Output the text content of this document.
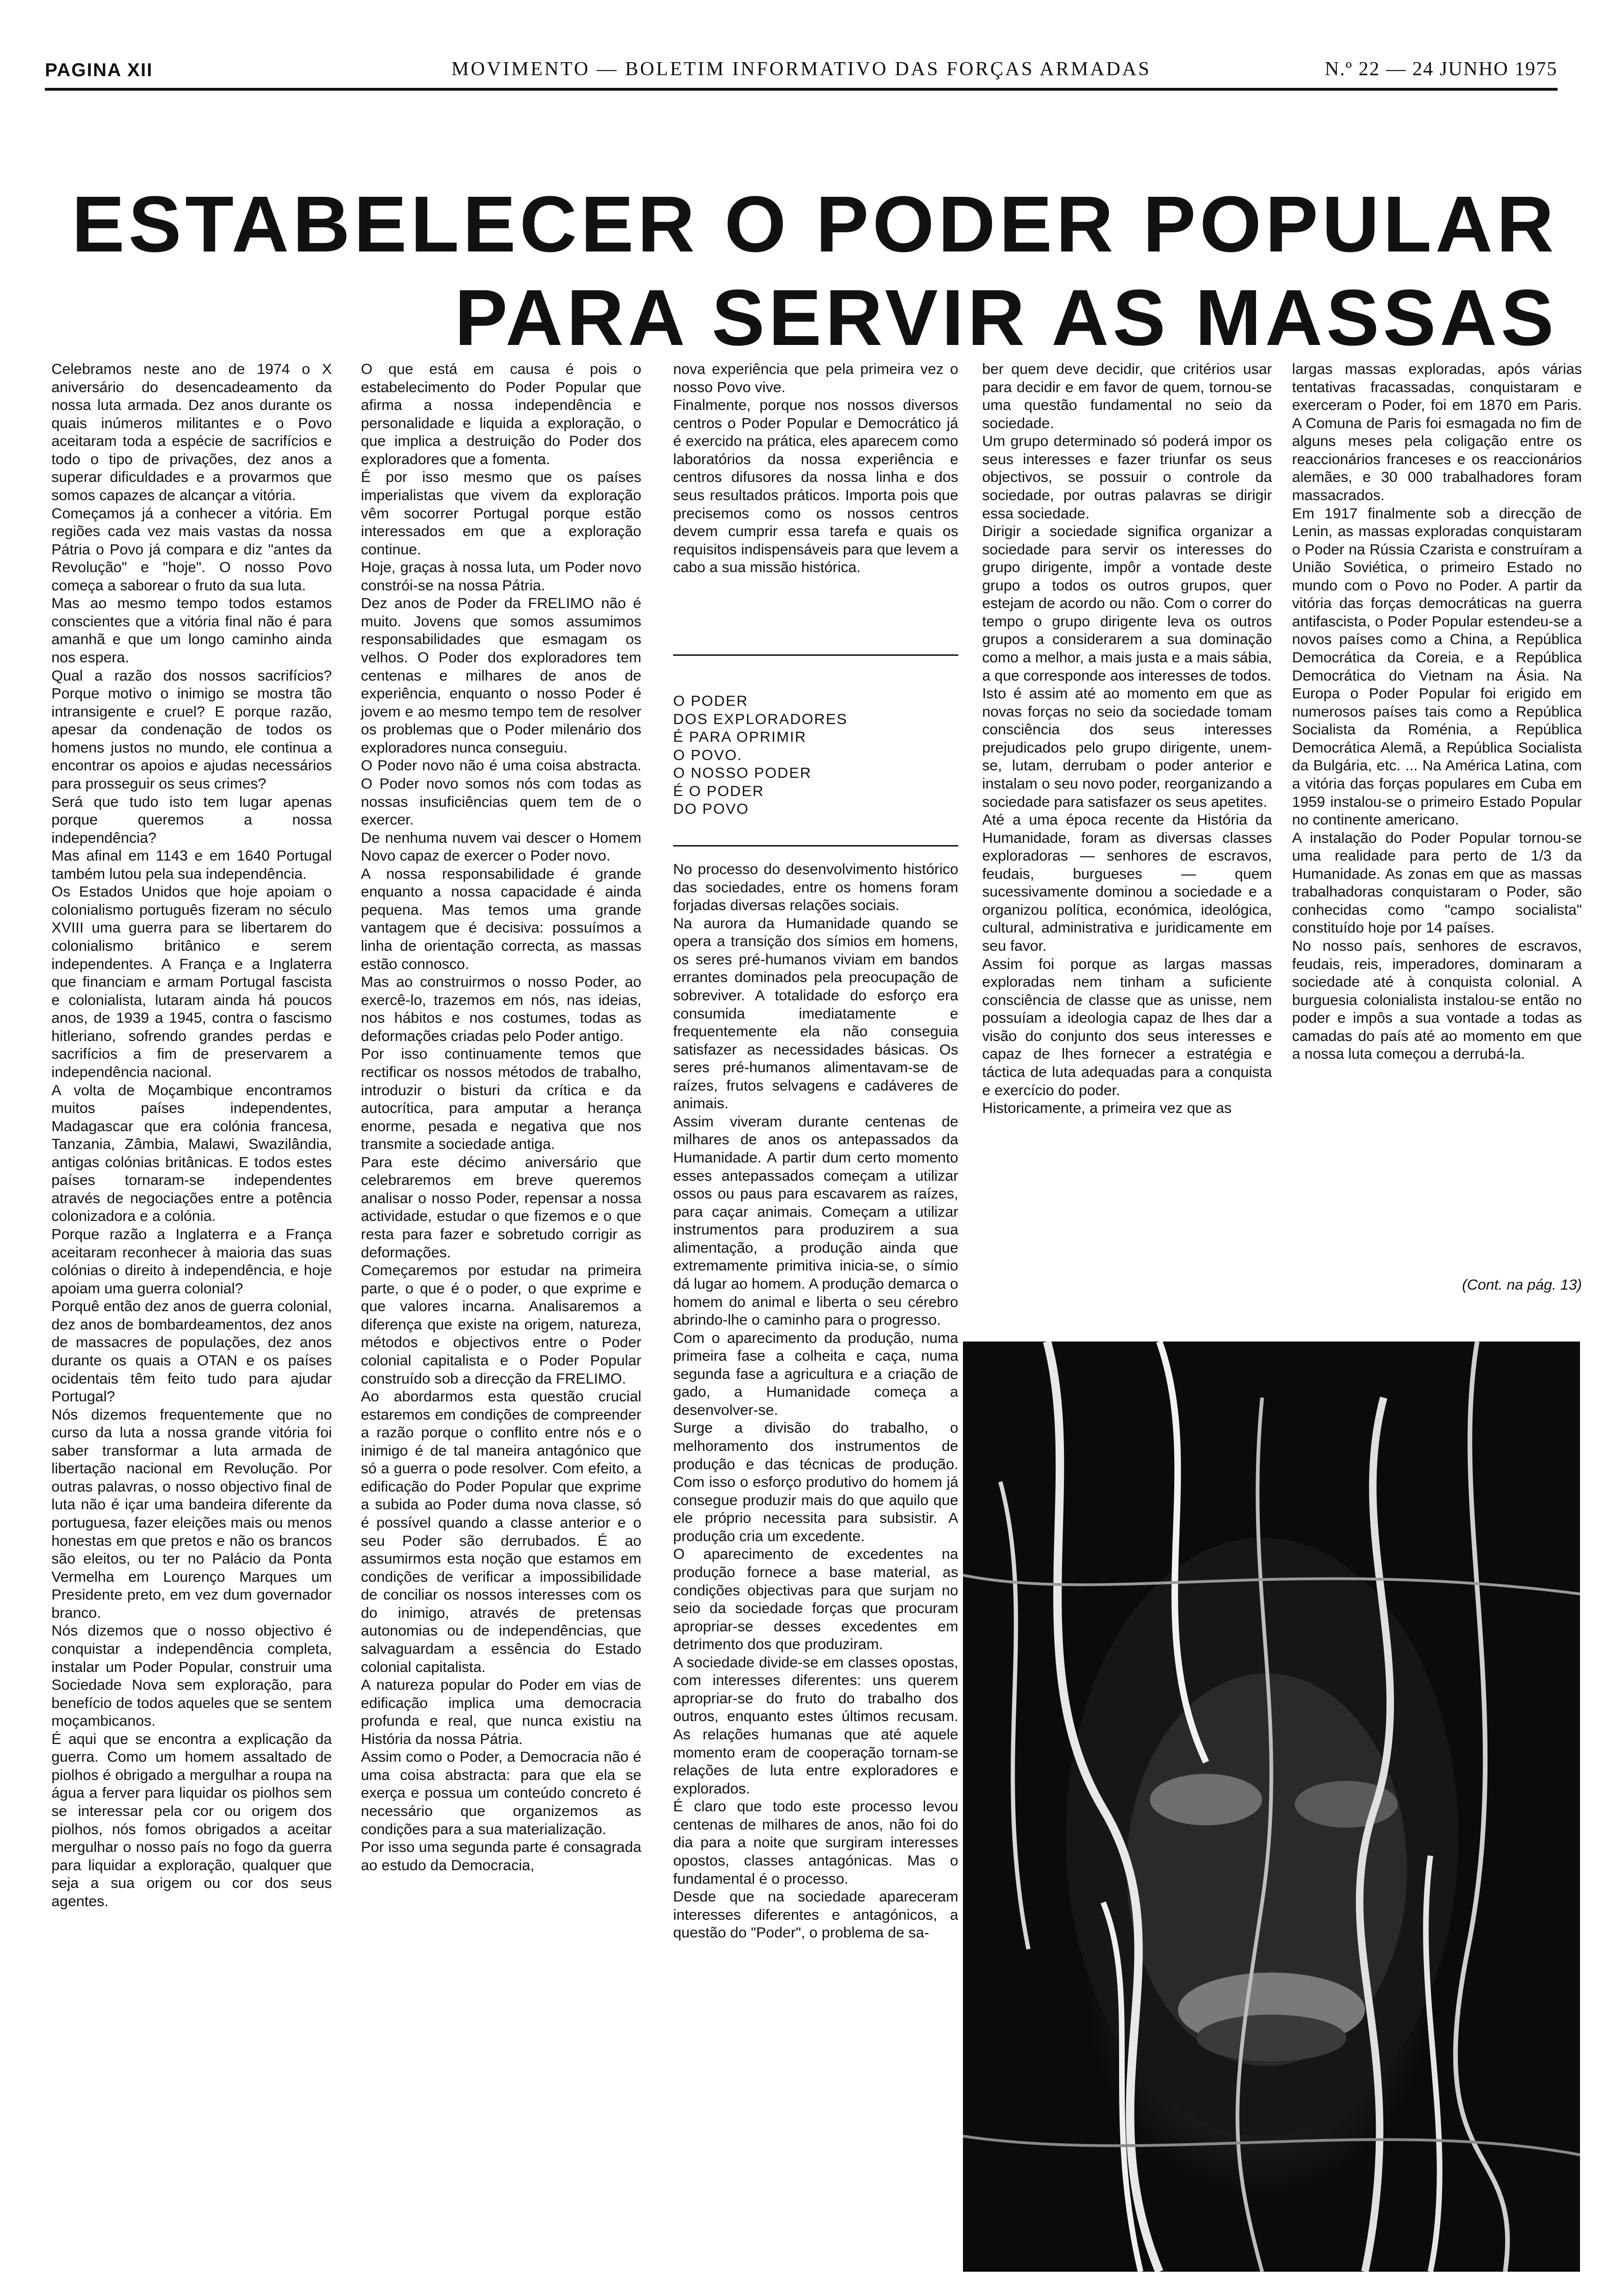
PAGINA XII	MOVIMENTO — BOLETIM INFORMATIVO DAS FORÇAS ARMADAS	N.º 22 — 24 JUNHO 1975
ESTABELECER O PODER POPULAR
PARA SERVIR AS MASSAS

Celebramos neste ano de 1974 o X aniversário do desencadeamento da nossa luta armada. Dez anos durante os quais inúmeros militantes e o Povo aceitaram toda a espécie de sacrifícios e todo o tipo de privações, dez anos a superar dificuldades e a provarmos que somos capazes de alcançar a vitória.

Começamos já a conhecer a vitória. Em regiões cada vez mais vastas da nossa Pátria o Povo já compara e diz "antes da Revolução" e "hoje". O nosso Povo começa a saborear o fruto da sua luta.

Mas ao mesmo tempo todos estamos conscientes que a vitória final não é para amanhã e que um longo caminho ainda nos espera.

Qual a razão dos nossos sacrifícios? Porque motivo o inimigo se mostra tão intransigente e cruel? E porque razão, apesar da condenação de todos os homens justos no mundo, ele continua a encontrar os apoios e ajudas necessários para prosseguir os seus crimes?

Será que tudo isto tem lugar apenas porque queremos a nossa independência?

Mas afinal em 1143 e em 1640 Portugal também lutou pela sua independência.

Os Estados Unidos que hoje apoiam o colonialismo português fizeram no século XVIII uma guerra para se libertarem do colonialismo britânico e serem independentes. A França e a Inglaterra que financiam e armam Portugal fascista e colonialista, lutaram ainda há poucos anos, de 1939 a 1945, contra o fascismo hitleriano, sofrendo grandes perdas e sacrifícios a fim de preservarem a independência nacional.

A volta de Moçambique encontramos muitos países independentes, Madagascar que era colónia francesa, Tanzania, Zâmbia, Malawi, Swazilândia, antigas colónias britânicas. E todos estes países tornaram-se independentes através de negociações entre a potência colonizadora e a colónia.

Porque razão a Inglaterra e a França aceitaram reconhecer à maioria das suas colónias o direito à independência, e hoje apoiam uma guerra colonial?

Porquê então dez anos de guerra colonial, dez anos de bombardeamentos, dez anos de massacres de populações, dez anos durante os quais a OTAN e os países ocidentais têm feito tudo para ajudar Portugal?

Nós dizemos frequentemente que no curso da luta a nossa grande vitória foi saber transformar a luta armada de libertação nacional em Revolução. Por outras palavras, o nosso objectivo final de luta não é içar uma bandeira diferente da portuguesa, fazer eleições mais ou menos honestas em que pretos e não os brancos são eleitos, ou ter no Palácio da Ponta Vermelha em Lourenço Marques um Presidente preto, em vez dum governador branco.

Nós dizemos que o nosso objectivo é conquistar a independência completa, instalar um Poder Popular, construir uma Sociedade Nova sem exploração, para benefício de todos aqueles que se sentem moçambicanos.

É aqui que se encontra a explicação da guerra. Como um homem assaltado de piolhos é obrigado a mergulhar a roupa na água a ferver para liquidar os piolhos sem se interessar pela cor ou origem dos piolhos, nós fomos obrigados a aceitar mergulhar o nosso país no fogo da guerra para liquidar a exploração, qualquer que seja a sua origem ou cor dos seus agentes.

O que está em causa é pois o estabelecimento do Poder Popular que afirma a nossa independência e personalidade e liquida a exploração, o que implica a destruição do Poder dos exploradores que a fomenta.

É por isso mesmo que os países imperialistas que vivem da exploração vêm socorrer Portugal porque estão interessados em que a exploração continue.

Hoje, graças à nossa luta, um Poder novo constrói-se na nossa Pátria.

Dez anos de Poder da FRELIMO não é muito. Jovens que somos assumimos responsabilidades que esmagam os velhos. O Poder dos exploradores tem centenas e milhares de anos de experiência, enquanto o nosso Poder é jovem e ao mesmo tempo tem de resolver os problemas que o Poder milenário dos exploradores nunca conseguiu.

O Poder novo não é uma coisa abstracta. O Poder novo somos nós com todas as nossas insuficiências quem tem de o exercer.

De nenhuma nuvem vai descer o Homem Novo capaz de exercer o Poder novo.

A nossa responsabilidade é grande enquanto a nossa capacidade é ainda pequena. Mas temos uma grande vantagem que é decisiva: possuímos a linha de orientação correcta, as massas estão connosco.

Mas ao construirmos o nosso Poder, ao exercê-lo, trazemos em nós, nas ideias, nos hábitos e nos costumes, todas as deformações criadas pelo Poder antigo.

Por isso continuamente temos que rectificar os nossos métodos de trabalho, introduzir o bisturi da crítica e da autocrítica, para amputar a herança enorme, pesada e negativa que nos transmite a sociedade antiga.

Para este décimo aniversário que celebraremos em breve queremos analisar o nosso Poder, repensar a nossa actividade, estudar o que fizemos e o que resta para fazer e sobretudo corrigir as deformações.

Começaremos por estudar na primeira parte, o que é o poder, o que exprime e que valores incarna. Analisaremos a diferença que existe na origem, natureza, métodos e objectivos entre o Poder colonial capitalista e o Poder Popular construído sob a direcção da FRELIMO.

Ao abordarmos esta questão crucial estaremos em condições de compreender a razão porque o conflito entre nós e o inimigo é de tal maneira antagónico que só a guerra o pode resolver. Com efeito, a edificação do Poder Popular que exprime a subida ao Poder duma nova classe, só é possível quando a classe anterior e o seu Poder são derrubados. É ao assumirmos esta noção que estamos em condições de verificar a impossibilidade de conciliar os nossos interesses com os do inimigo, através de pretensas autonomias ou de independências, que salvaguardam a essência do Estado colonial capitalista.

A natureza popular do Poder em vias de edificação implica uma democracia profunda e real, que nunca existiu na História da nossa Pátria.

Assim como o Poder, a Democracia não é uma coisa abstracta: para que ela se exerça e possua um conteúdo concreto é necessário que organizemos as condições para a sua materialização.

Por isso uma segunda parte é consagrada ao estudo da Democracia,

nova experiência que pela primeira vez o nosso Povo vive.

Finalmente, porque nos nossos diversos centros o Poder Popular e Democrático já é exercido na prática, eles aparecem como laboratórios da nossa experiência e centros difusores da nossa linha e dos seus resultados práticos. Importa pois que precisemos como os nossos centros devem cumprir essa tarefa e quais os requisitos indispensáveis para que levem a cabo a sua missão histórica.

O PODER
DOS EXPLORADORES
É PARA OPRIMIR
O POVO.
O NOSSO PODER
É O PODER
DO POVO

No processo do desenvolvimento histórico das sociedades, entre os homens foram forjadas diversas relações sociais.

Na aurora da Humanidade quando se opera a transição dos símios em homens, os seres pré-humanos viviam em bandos errantes dominados pela preocupação de sobreviver. A totalidade do esforço era consumida imediatamente e frequentemente ela não conseguia satisfazer as necessidades básicas. Os seres pré-humanos alimentavam-se de raízes, frutos selvagens e cadáveres de animais.

Assim viveram durante centenas de milhares de anos os antepassados da Humanidade. A partir dum certo momento esses antepassados começam a utilizar ossos ou paus para escavarem as raízes, para caçar animais. Começam a utilizar instrumentos para produzirem a sua alimentação, a produção ainda que extremamente primitiva inicia-se, o símio dá lugar ao homem. A produção demarca o homem do animal e liberta o seu cérebro abrindo-lhe o caminho para o progresso.

Com o aparecimento da produção, numa primeira fase a colheita e caça, numa segunda fase a agricultura e a criação de gado, a Humanidade começa a desenvolver-se.

Surge a divisão do trabalho, o melhoramento dos instrumentos de produção e das técnicas de produção. Com isso o esforço produtivo do homem já consegue produzir mais do que aquilo que ele próprio necessita para subsistir. A produção cria um excedente.

O aparecimento de excedentes na produção fornece a base material, as condições objectivas para que surjam no seio da sociedade forças que procuram apropriar-se desses excedentes em detrimento dos que produziram.

A sociedade divide-se em classes opostas, com interesses diferentes: uns querem apropriar-se do fruto do trabalho dos outros, enquanto estes últimos recusam. As relações humanas que até aquele momento eram de cooperação tornam-se relações de luta entre exploradores e explorados.

É claro que todo este processo levou centenas de milhares de anos, não foi do dia para a noite que surgiram interesses opostos, classes antagónicas. Mas o fundamental é o processo.

Desde que na sociedade apareceram interesses diferentes e antagónicos, a questão do "Poder", o problema de sa-

ber quem deve decidir, que critérios usar para decidir e em favor de quem, tornou-se uma questão fundamental no seio da sociedade.

Um grupo determinado só poderá impor os seus interesses e fazer triunfar os seus objectivos, se possuir o controle da sociedade, por outras palavras se dirigir essa sociedade.

Dirigir a sociedade significa organizar a sociedade para servir os interesses do grupo dirigente, impôr a vontade deste grupo a todos os outros grupos, quer estejam de acordo ou não. Com o correr do tempo o grupo dirigente leva os outros grupos a considerarem a sua dominação como a melhor, a mais justa e a mais sábia, a que corresponde aos interesses de todos.

Isto é assim até ao momento em que as novas forças no seio da sociedade tomam consciência dos seus interesses prejudicados pelo grupo dirigente, unem-se, lutam, derrubam o poder anterior e instalam o seu novo poder, reorganizando a sociedade para satisfazer os seus apetites.

Até a uma época recente da História da Humanidade, foram as diversas classes exploradoras — senhores de escravos, feudais, burgueses — quem sucessivamente dominou a sociedade e a organizou política, económica, ideológica, cultural, administrativa e juridicamente em seu favor.

Assim foi porque as largas massas exploradas nem tinham a suficiente consciência de classe que as unisse, nem possuíam a ideologia capaz de lhes dar a visão do conjunto dos seus interesses e capaz de lhes fornecer a estratégia e táctica de luta adequadas para a conquista e exercício do poder.

Historicamente, a primeira vez que as

largas massas exploradas, após várias tentativas fracassadas, conquistaram e exerceram o Poder, foi em 1870 em Paris. A Comuna de Paris foi esmagada no fim de alguns meses pela coligação entre os reaccionários franceses e os reaccionários alemães, e 30 000 trabalhadores foram massacrados.

Em 1917 finalmente sob a direcção de Lenin, as massas exploradas conquistaram o Poder na Rússia Czarista e construíram a União Soviética, o primeiro Estado no mundo com o Povo no Poder. A partir da vitória das forças democráticas na guerra antifascista, o Poder Popular estendeu-se a novos países como a China, a República Democrática da Coreia, e a República Democrática do Vietnam na Ásia. Na Europa o Poder Popular foi erigido em numerosos países tais como a República Socialista da Roménia, a República Democrática Alemã, a República Socialista da Bulgária, etc. ... Na América Latina, com a vitória das forças populares em Cuba em 1959 instalou-se o primeiro Estado Popular no continente americano.

A instalação do Poder Popular tornou-se uma realidade para perto de 1/3 da Humanidade. As zonas em que as massas trabalhadoras conquistaram o Poder, são conhecidas como "campo socialista" constituído hoje por 14 países.

No nosso país, senhores de escravos, feudais, reis, imperadores, dominaram a sociedade até à conquista colonial. A burguesia colonialista instalou-se então no poder e impôs a sua vontade a todas as camadas do país até ao momento em que a nossa luta começou a derrubá-la.

(Cont. na pág. 13)
